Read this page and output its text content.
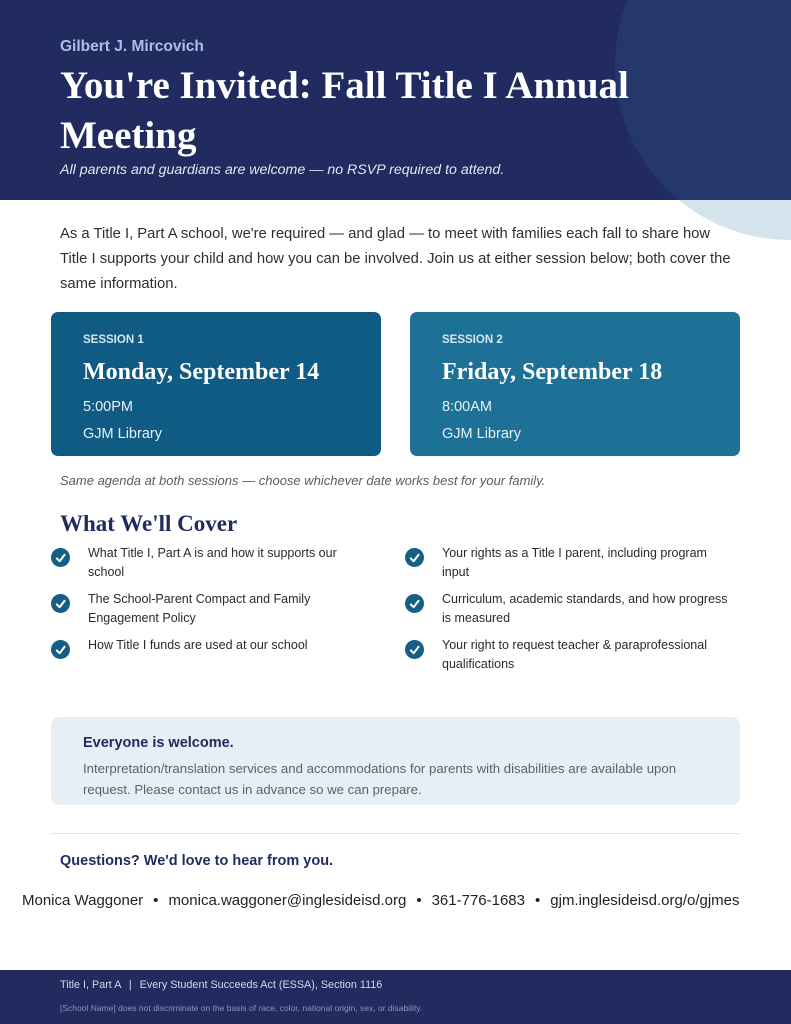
Gilbert J. Mircovich
You're Invited: Fall Title I Annual Meeting
All parents and guardians are welcome — no RSVP required to attend.
As a Title I, Part A school, we're required — and glad — to meet with families each fall to share how Title I supports your child and how you can be involved. Join us at either session below; both cover the same information.
SESSION 1
Monday, September 14
5:00PM
GJM Library
SESSION 2
Friday, September 18
8:00AM
GJM Library
Same agenda at both sessions — choose whichever date works best for your family.
What We'll Cover
What Title I, Part A is and how it supports our school
The School-Parent Compact and Family Engagement Policy
How Title I funds are used at our school
Your rights as a Title I parent, including program input
Curriculum, academic standards, and how progress is measured
Your right to request teacher & paraprofessional qualifications
Everyone is welcome.
Interpretation/translation services and accommodations for parents with disabilities are available upon request. Please contact us in advance so we can prepare.
Questions? We'd love to hear from you.
Monica Waggoner • monica.waggoner@inglesideisd.org • 361-776-1683 • gjm.inglesideisd.org/o/gjmes
Title I, Part A | Every Student Succeeds Act (ESSA), Section 1116
[School Name] does not discriminate on the basis of race, color, national origin, sex, or disability.
